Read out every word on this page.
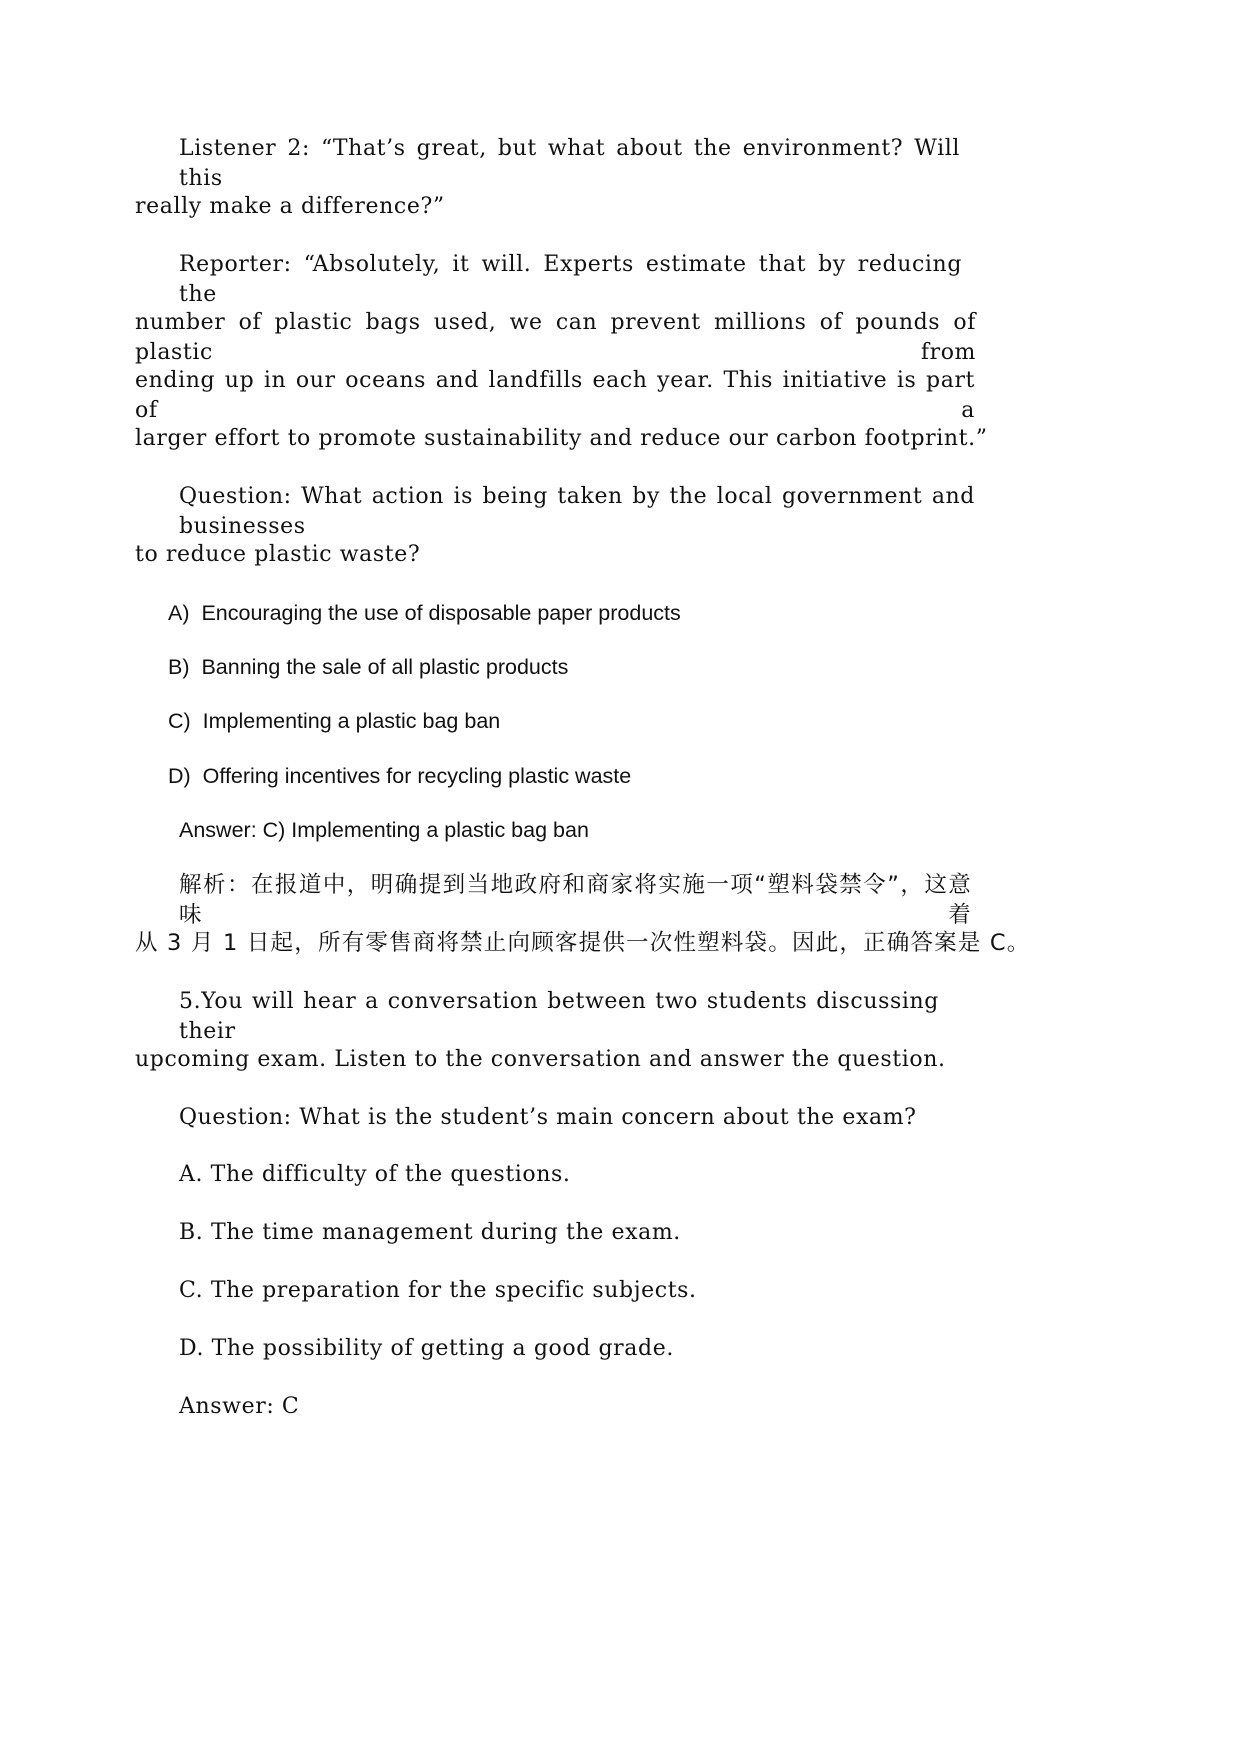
Listener 2: “That’s great, but what about the environment? Will this
really make a difference?”
Reporter: “Absolutely, it will. Experts estimate that by reducing the
number of plastic bags used, we can prevent millions of pounds of plastic from
ending up in our oceans and landfills each year. This initiative is part of a
larger effort to promote sustainability and reduce our carbon footprint.”
Question: What action is being taken by the local government and businesses
to reduce plastic waste?
A)  Encouraging the use of disposable paper products
B)  Banning the sale of all plastic products
C)  Implementing a plastic bag ban
D)  Offering incentives for recycling plastic waste
Answer: C) Implementing a plastic bag ban
解析：在报道中，明确提到当地政府和商家将实施一项“塑料袋禁令”，这意味着
从 3 月 1 日起，所有零售商将禁止向顾客提供一次性塑料袋。因此，正确答案是 C。
5.You will hear a conversation between two students discussing their
upcoming exam. Listen to the conversation and answer the question.
Question: What is the student’s main concern about the exam?
A. The difficulty of the questions.
B. The time management during the exam.
C. The preparation for the specific subjects.
D. The possibility of getting a good grade.
Answer: C
